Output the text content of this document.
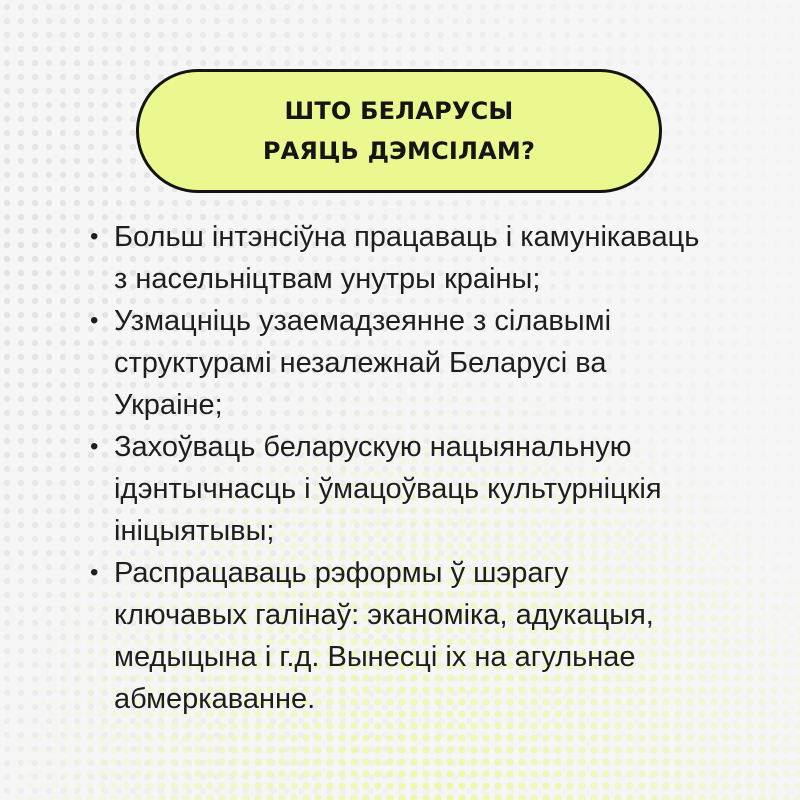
ШТО БЕЛАРУСЫ
РАЯЦЬ ДЭМСІЛАМ?
• Больш інтэнсіўна працаваць і камунікаваць
з насельніцтвам унутры краіны;
• Узмацніць узаемадзеянне з сілавымі
структурамі незалежнай Беларусі ва
Украіне;
• Захоўваць беларускую нацыянальную
ідэнтычнасць і ўмацоўваць культурніцкія
ініцыятывы;
• Распрацаваць рэформы ў шэрагу
ключавых галінаў: эканоміка, адукацыя,
медыцына і г.д. Вынесці іх на агульнае
абмеркаванне.
